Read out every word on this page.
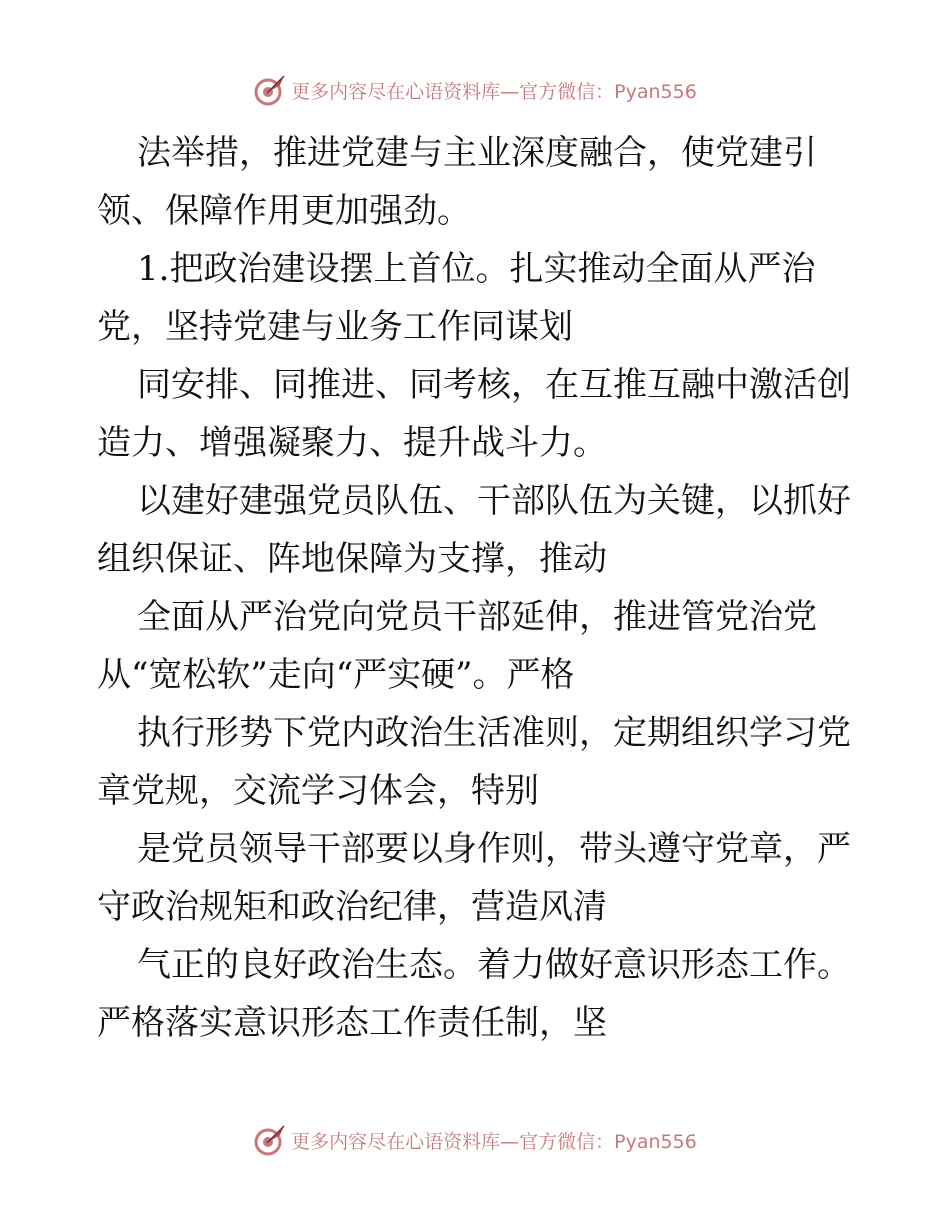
更多内容尽在心语资料库—官方微信：Pyan556

法举措，推进党建与主业深度融合，使党建引
领、保障作用更加强劲。

1.把政治建设摆上首位。扎实推动全面从严治
党，坚持党建与业务工作同谋划

同安排、同推进、同考核，在互推互融中激活创
造力、增强凝聚力、提升战斗力。

以建好建强党员队伍、干部队伍为关键，以抓好
组织保证、阵地保障为支撑，推动

全面从严治党向党员干部延伸，推进管党治党
从“宽松软”走向“严实硬”。严格

执行形势下党内政治生活准则，定期组织学习党
章党规，交流学习体会，特别

是党员领导干部要以身作则，带头遵守党章，严
守政治规矩和政治纪律，营造风清

气正的良好政治生态。着力做好意识形态工作。
严格落实意识形态工作责任制，坚

更多内容尽在心语资料库—官方微信：Pyan556
